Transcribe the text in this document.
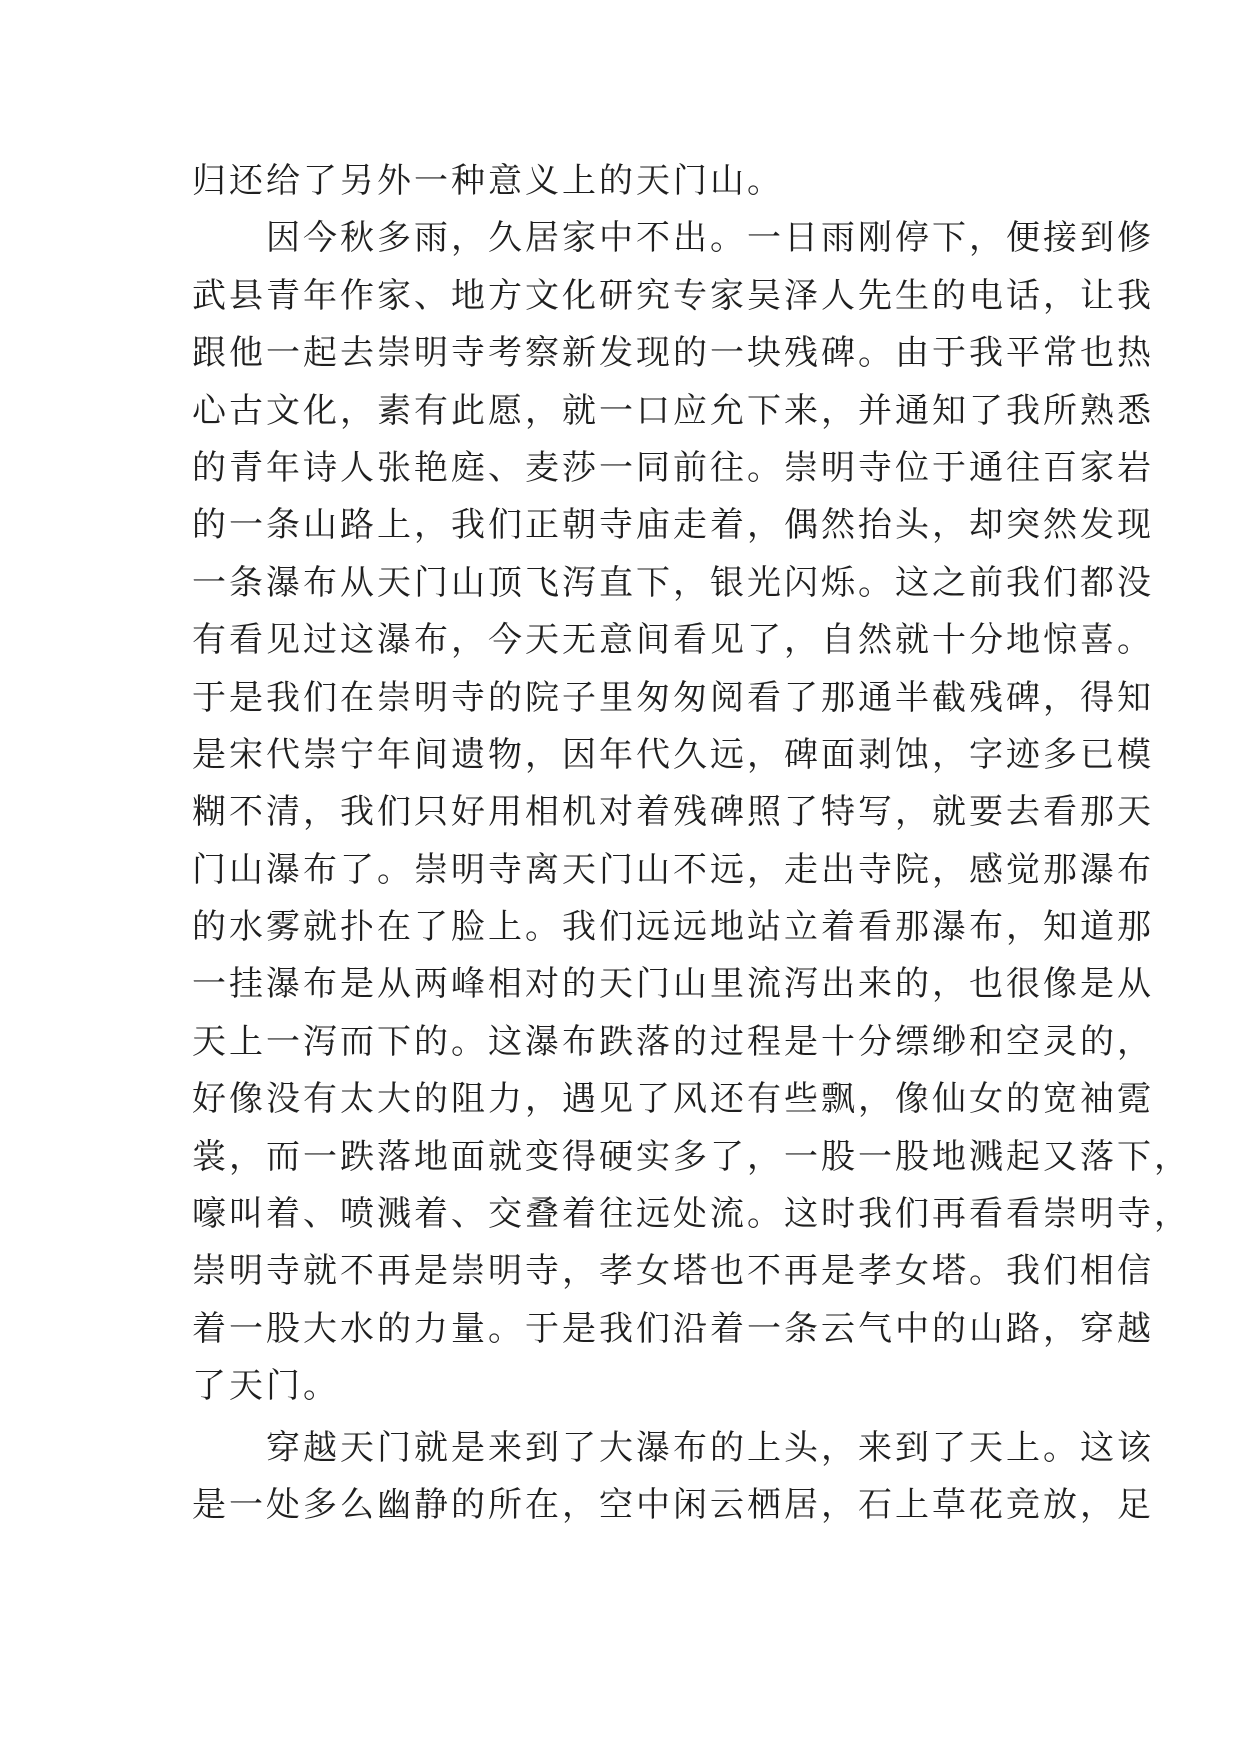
归还给了另外一种意义上的天门山。
　　因今秋多雨，久居家中不出。一日雨刚停下，便接到修
武县青年作家、地方文化研究专家吴泽人先生的电话，让我
跟他一起去崇明寺考察新发现的一块残碑。由于我平常也热
心古文化，素有此愿，就一口应允下来，并通知了我所熟悉
的青年诗人张艳庭、麦莎一同前往。崇明寺位于通往百家岩
的一条山路上，我们正朝寺庙走着，偶然抬头，却突然发现
一条瀑布从天门山顶飞泻直下，银光闪烁。这之前我们都没
有看见过这瀑布，今天无意间看见了，自然就十分地惊喜。
于是我们在崇明寺的院子里匆匆阅看了那通半截残碑，得知
是宋代崇宁年间遗物，因年代久远，碑面剥蚀，字迹多已模
糊不清，我们只好用相机对着残碑照了特写，就要去看那天
门山瀑布了。崇明寺离天门山不远，走出寺院，感觉那瀑布
的水雾就扑在了脸上。我们远远地站立着看那瀑布，知道那
一挂瀑布是从两峰相对的天门山里流泻出来的，也很像是从
天上一泻而下的。这瀑布跌落的过程是十分缥缈和空灵的，
好像没有太大的阻力，遇见了风还有些飘，像仙女的宽袖霓
裳，而一跌落地面就变得硬实多了，一股一股地溅起又落下，
嚎叫着、喷溅着、交叠着往远处流。这时我们再看看崇明寺，
崇明寺就不再是崇明寺，孝女塔也不再是孝女塔。我们相信
着一股大水的力量。于是我们沿着一条云气中的山路，穿越
了天门。
　　穿越天门就是来到了大瀑布的上头，来到了天上。这该
是一处多么幽静的所在，空中闲云栖居，石上草花竞放，足
